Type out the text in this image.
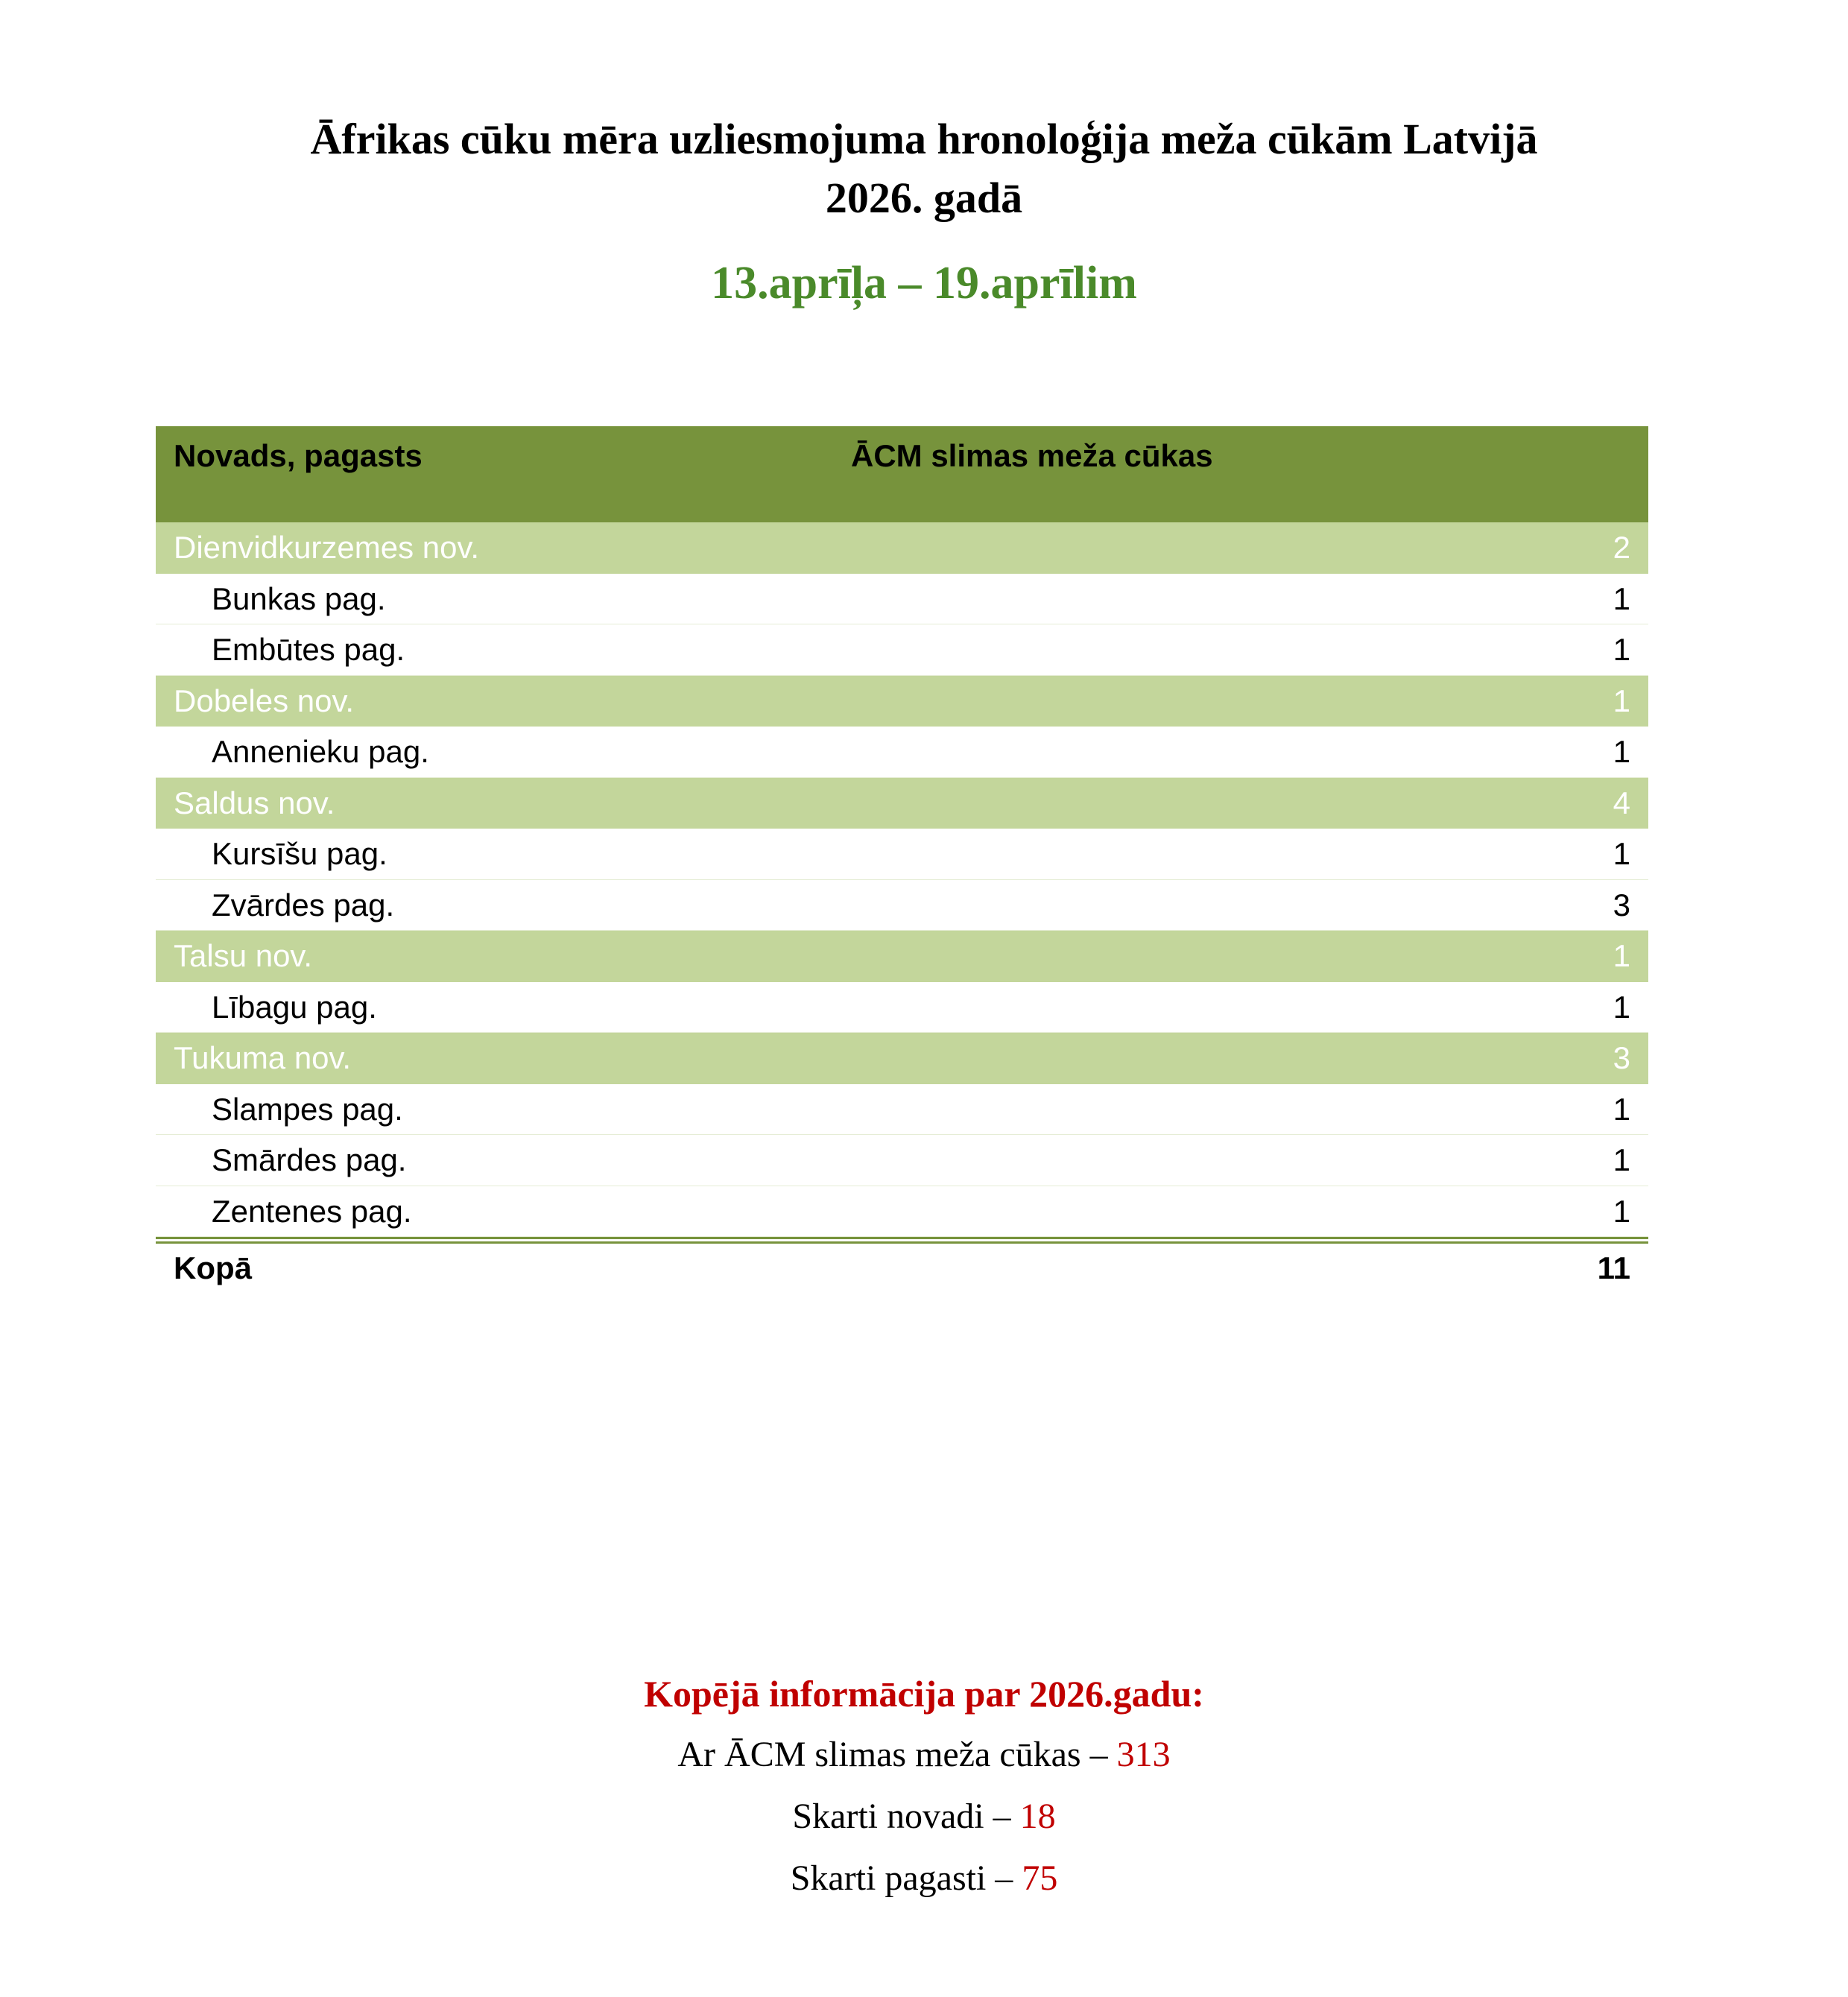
Āfrikas cūku mēra uzliesmojuma hronoloģija meža cūkām Latvijā
2026. gadā
13.aprīļa – 19.aprīlim
Novads, pagasts	ĀCM slimas meža cūkas
Dienvidkurzemes nov.	2
Bunkas pag.	1
Embūtes pag.	1
Dobeles nov.	1
Annenieku pag.	1
Saldus nov.	4
Kursīšu pag.	1
Zvārdes pag.	3
Talsu nov.	1
Lībagu pag.	1
Tukuma nov.	3
Slampes pag.	1
Smārdes pag.	1
Zentenes pag.	1
Kopā	11
Kopējā informācija par 2026.gadu:
Ar ĀCM slimas meža cūkas – 313
Skarti novadi – 18
Skarti pagasti – 75
